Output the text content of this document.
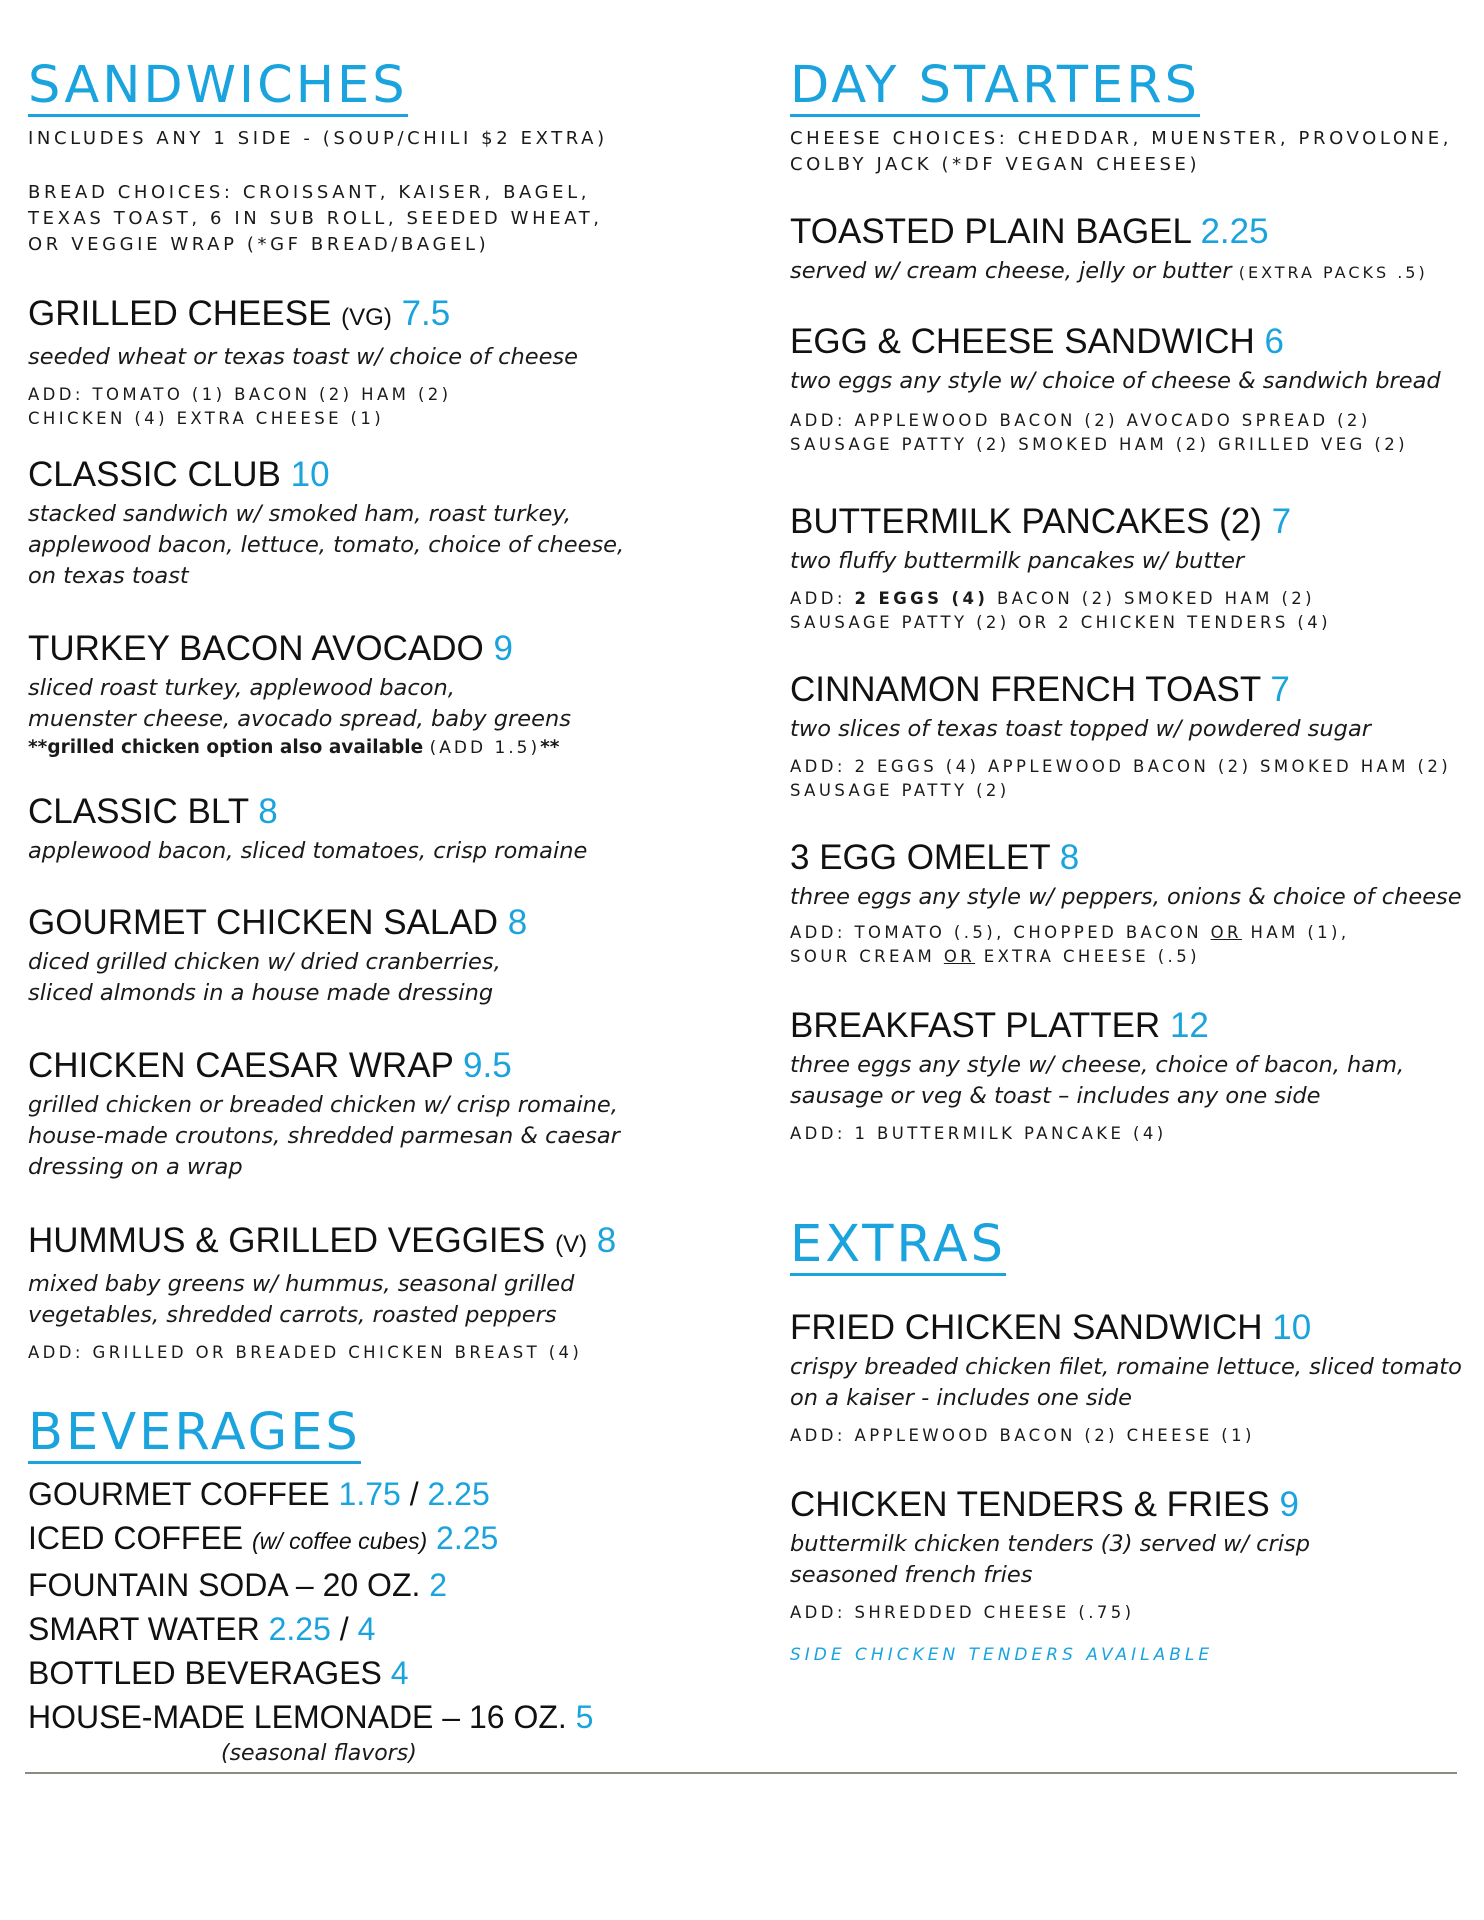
SANDWICHES
INCLUDES ANY 1 SIDE - (SOUP/CHILI $2 EXTRA)
BREAD CHOICES: CROISSANT, KAISER, BAGEL,
TEXAS TOAST, 6 IN SUB ROLL, SEEDED WHEAT,
OR VEGGIE WRAP (*GF BREAD/BAGEL)
GRILLED CHEESE (VG) 7.5
seeded wheat or texas toast w/ choice of cheese
ADD: TOMATO (1) BACON (2) HAM (2)
CHICKEN (4) EXTRA CHEESE (1)
CLASSIC CLUB 10
stacked sandwich w/ smoked ham, roast turkey,
applewood bacon, lettuce, tomato, choice of cheese,
on texas toast
TURKEY BACON AVOCADO 9
sliced roast turkey, applewood bacon,
muenster cheese, avocado spread, baby greens
**grilled chicken option also available (ADD 1.5)**
CLASSIC BLT 8
applewood bacon, sliced tomatoes, crisp romaine
GOURMET CHICKEN SALAD 8
diced grilled chicken w/ dried cranberries,
sliced almonds in a house made dressing
CHICKEN CAESAR WRAP 9.5
grilled chicken or breaded chicken w/ crisp romaine,
house-made croutons, shredded parmesan & caesar
dressing on a wrap
HUMMUS & GRILLED VEGGIES (V) 8
mixed baby greens w/ hummus, seasonal grilled
vegetables, shredded carrots, roasted peppers
ADD: GRILLED OR BREADED CHICKEN BREAST (4)
BEVERAGES
GOURMET COFFEE 1.75 / 2.25
ICED COFFEE (w/ coffee cubes) 2.25
FOUNTAIN SODA – 20 OZ. 2
SMART WATER 2.25 / 4
BOTTLED BEVERAGES 4
HOUSE-MADE LEMONADE – 16 OZ. 5
(seasonal flavors)
DAY STARTERS
CHEESE CHOICES: CHEDDAR, MUENSTER, PROVOLONE,
COLBY JACK (*DF VEGAN CHEESE)
TOASTED PLAIN BAGEL 2.25
served w/ cream cheese, jelly or butter (EXTRA PACKS .5)
EGG & CHEESE SANDWICH 6
two eggs any style w/ choice of cheese & sandwich bread
ADD: APPLEWOOD BACON (2) AVOCADO SPREAD (2)
SAUSAGE PATTY (2) SMOKED HAM (2) GRILLED VEG (2)
BUTTERMILK PANCAKES (2) 7
two fluffy buttermilk pancakes w/ butter
ADD: 2 EGGS (4) BACON (2) SMOKED HAM (2)
SAUSAGE PATTY (2) OR 2 CHICKEN TENDERS (4)
CINNAMON FRENCH TOAST 7
two slices of texas toast topped w/ powdered sugar
ADD: 2 EGGS (4) APPLEWOOD BACON (2) SMOKED HAM (2)
SAUSAGE PATTY (2)
3 EGG OMELET 8
three eggs any style w/ peppers, onions & choice of cheese
ADD: TOMATO (.5), CHOPPED BACON OR HAM (1),
SOUR CREAM OR EXTRA CHEESE (.5)
BREAKFAST PLATTER 12
three eggs any style w/ cheese, choice of bacon, ham,
sausage or veg & toast – includes any one side
ADD: 1 BUTTERMILK PANCAKE (4)
EXTRAS
FRIED CHICKEN SANDWICH 10
crispy breaded chicken filet, romaine lettuce, sliced tomato
on a kaiser - includes one side
ADD: APPLEWOOD BACON (2) CHEESE (1)
CHICKEN TENDERS & FRIES 9
buttermilk chicken tenders (3) served w/ crisp
seasoned french fries
ADD: SHREDDED CHEESE (.75)
SIDE CHICKEN TENDERS AVAILABLE
